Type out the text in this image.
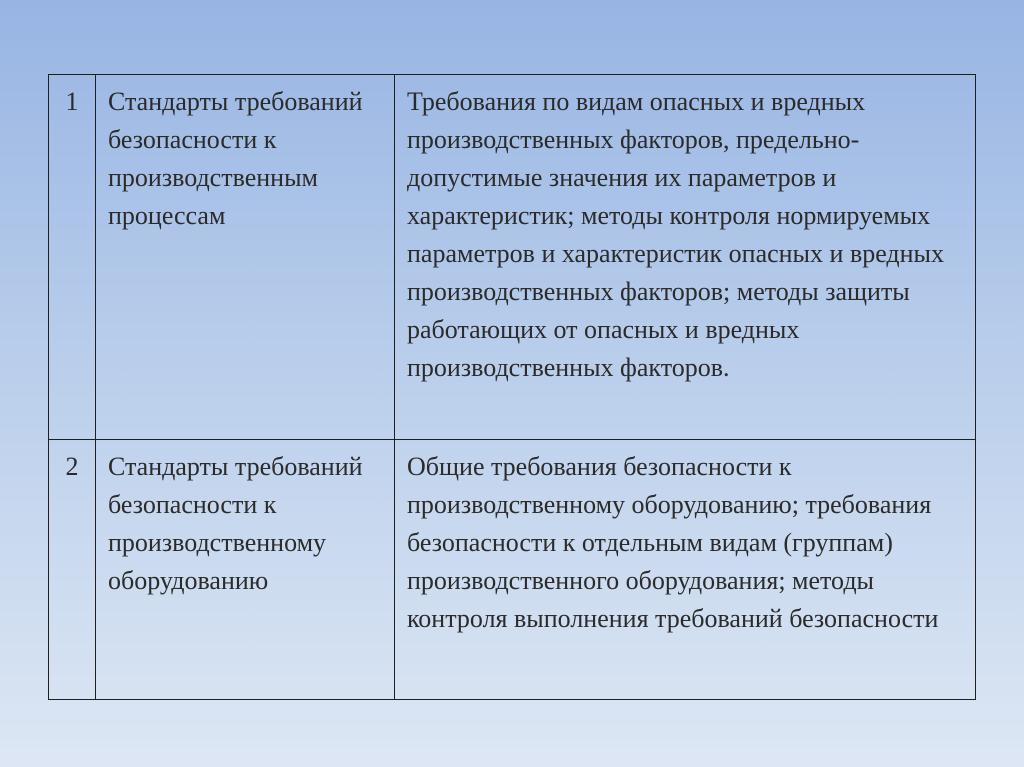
1	Стандарты требований безопасности к производственным процессам	Требования по видам опасных и вредных производственных факторов, предельно-допустимые значения их параметров и характеристик; методы контроля нормируемых параметров и характеристик опасных и вредных производственных факторов; методы защиты работающих от опасных и вредных производственных факторов.

2	Стандарты требований безопасности к производственному оборудованию	Общие требования безопасности к производственному оборудованию; требования безопасности к отдельным видам (группам) производственного оборудования; методы контроля выполнения требований безопасности
